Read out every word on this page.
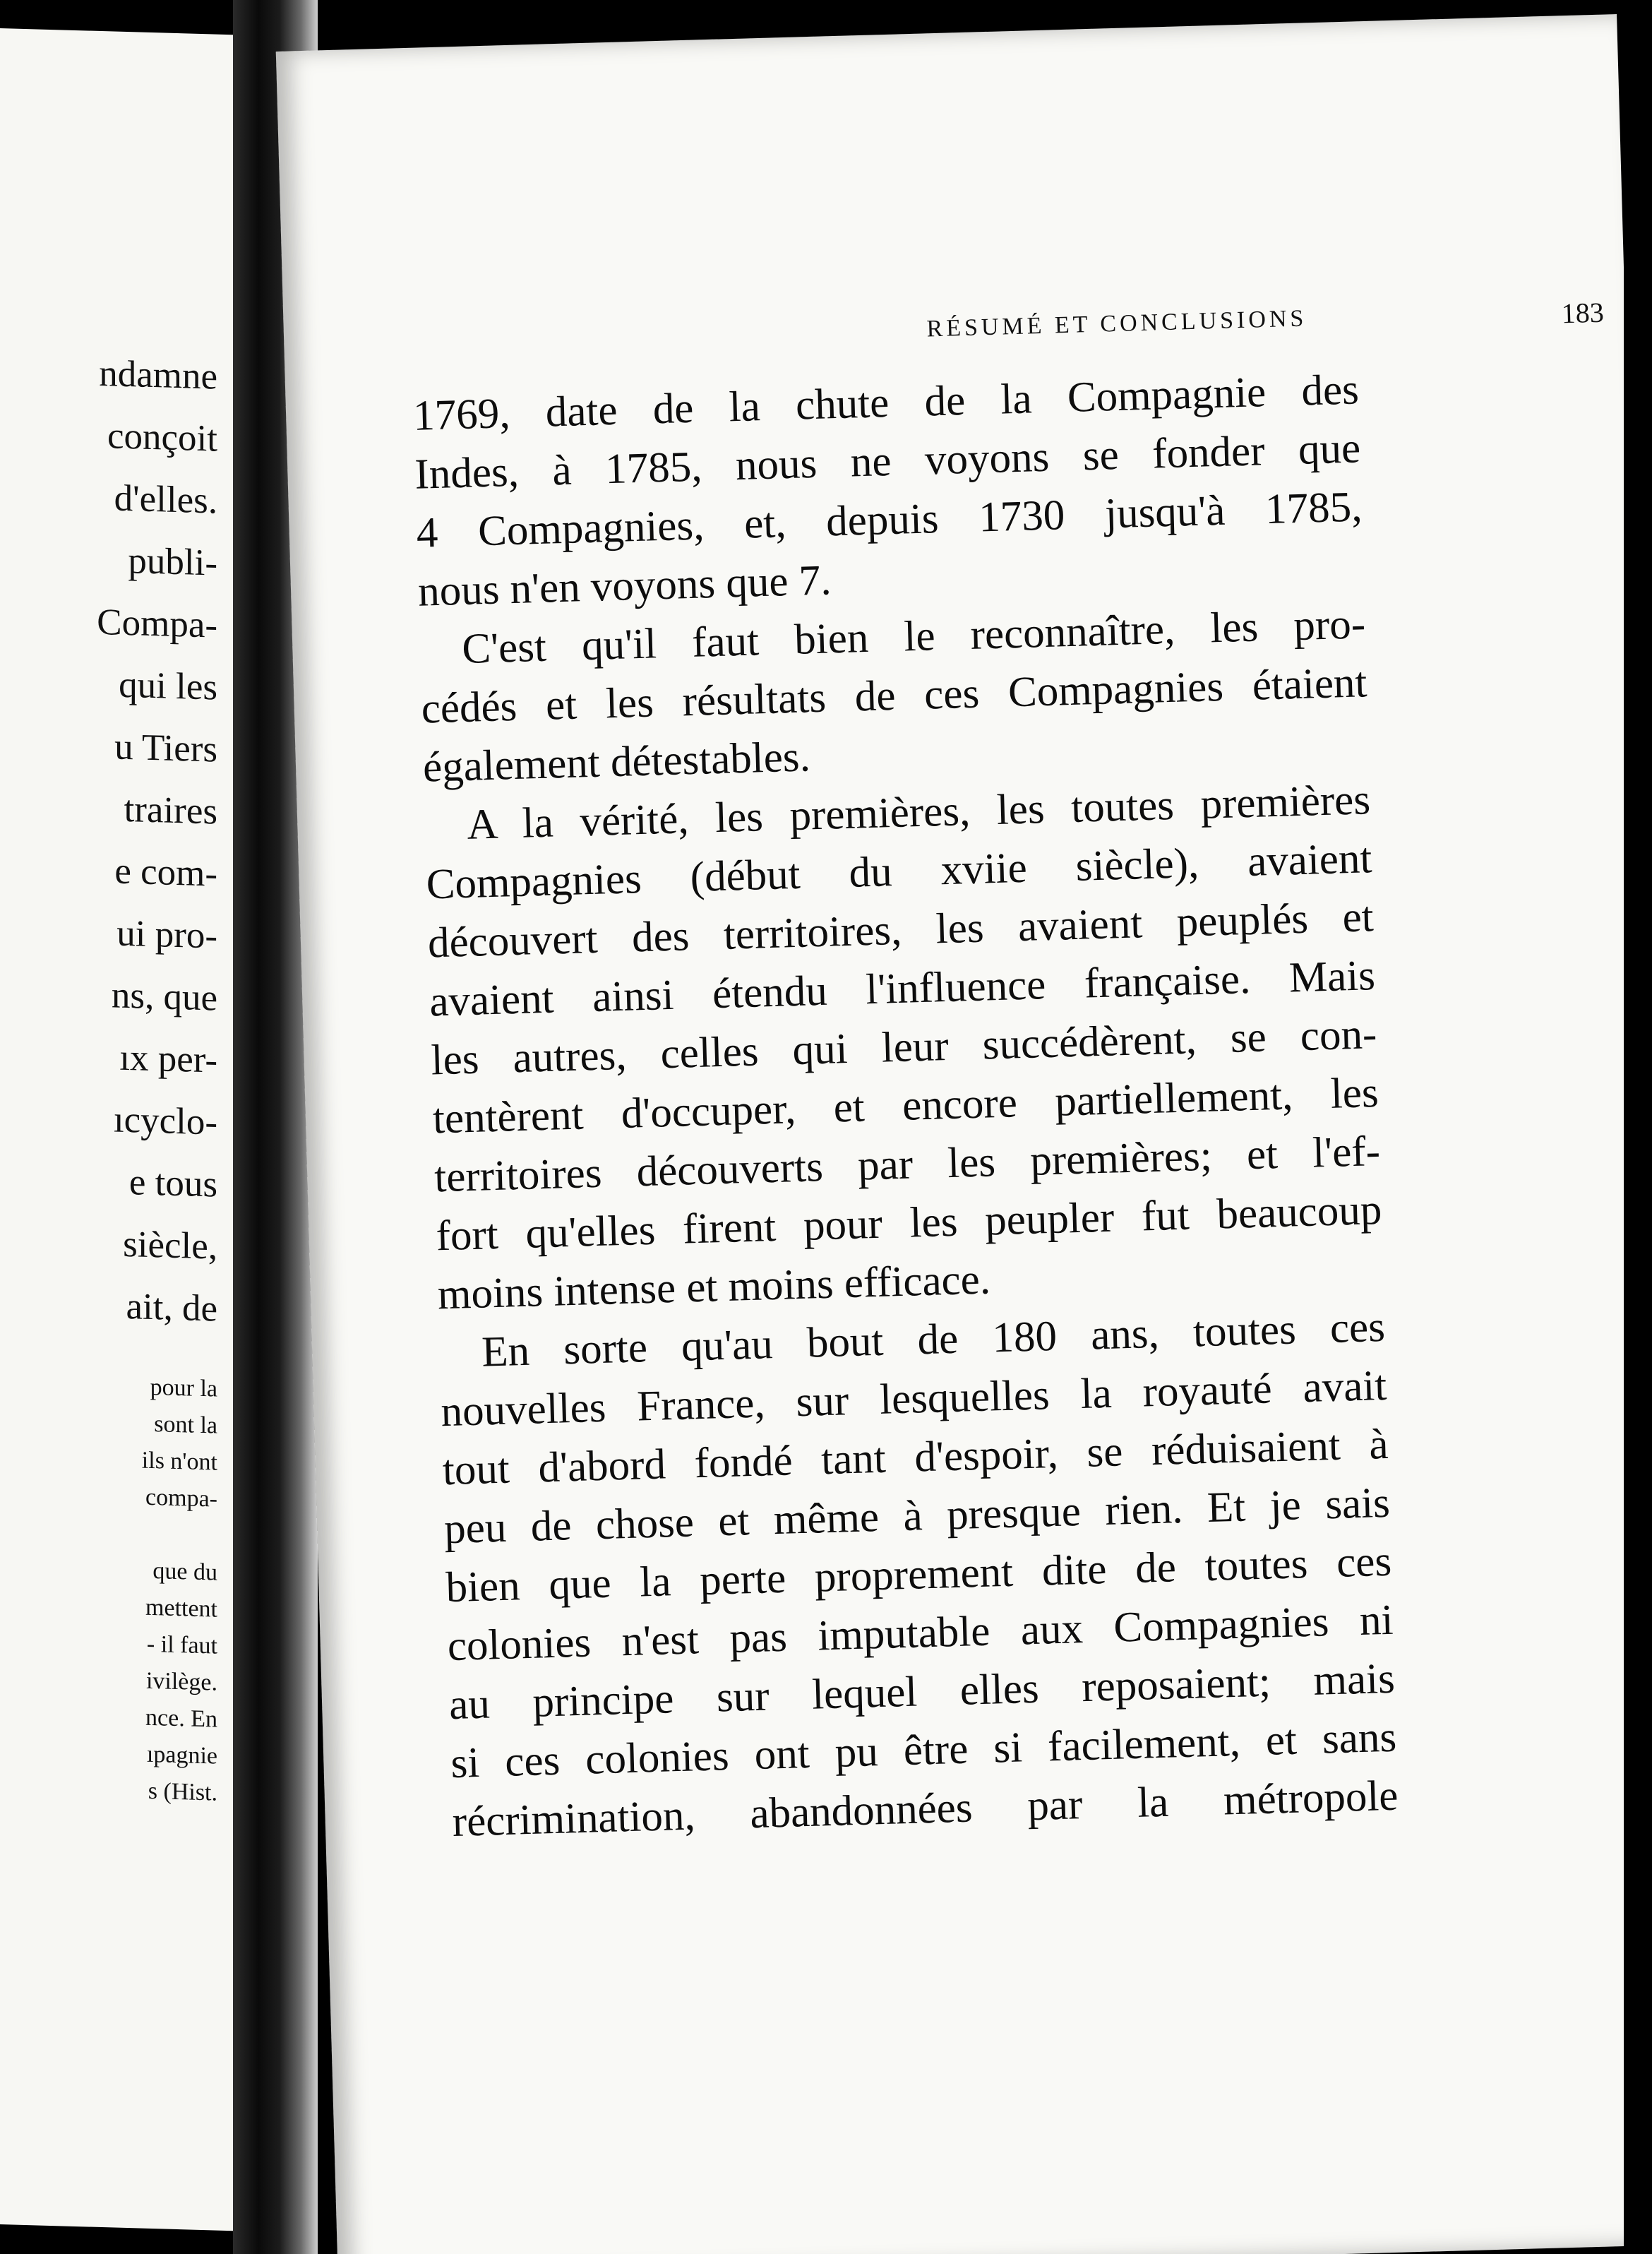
ndamne
conçoit
d'elles.
publi-
Compa-
qui les
u Tiers
traires
e com-
ui pro-
ns, que
ıx per-
ıcyclo-
e tous
siècle,
ait, de
pour la
sont la
ils n'ont
compa-
que du
mettent
- il faut
ivilège.
nce. En
ıpagnie
s (Hist.
RÉSUMÉ ET CONCLUSIONS	183
1769, date de la chute de la Compagnie des
Indes, à 1785, nous ne voyons se fonder que
4 Compagnies, et, depuis 1730 jusqu'à 1785,
nous n'en voyons que 7.
C'est qu'il faut bien le reconnaître, les pro-
cédés et les résultats de ces Compagnies étaient
également détestables.
A la vérité, les premières, les toutes premières
Compagnies (début du xviie siècle), avaient
découvert des territoires, les avaient peuplés et
avaient ainsi étendu l'influence française. Mais
les autres, celles qui leur succédèrent, se con-
tentèrent d'occuper, et encore partiellement, les
territoires découverts par les premières; et l'ef-
fort qu'elles firent pour les peupler fut beaucoup
moins intense et moins efficace.
En sorte qu'au bout de 180 ans, toutes ces
nouvelles France, sur lesquelles la royauté avait
tout d'abord fondé tant d'espoir, se réduisaient à
peu de chose et même à presque rien. Et je sais
bien que la perte proprement dite de toutes ces
colonies n'est pas imputable aux Compagnies ni
au principe sur lequel elles reposaient; mais
si ces colonies ont pu être si facilement, et sans
récrimination, abandonnées par la métropole
